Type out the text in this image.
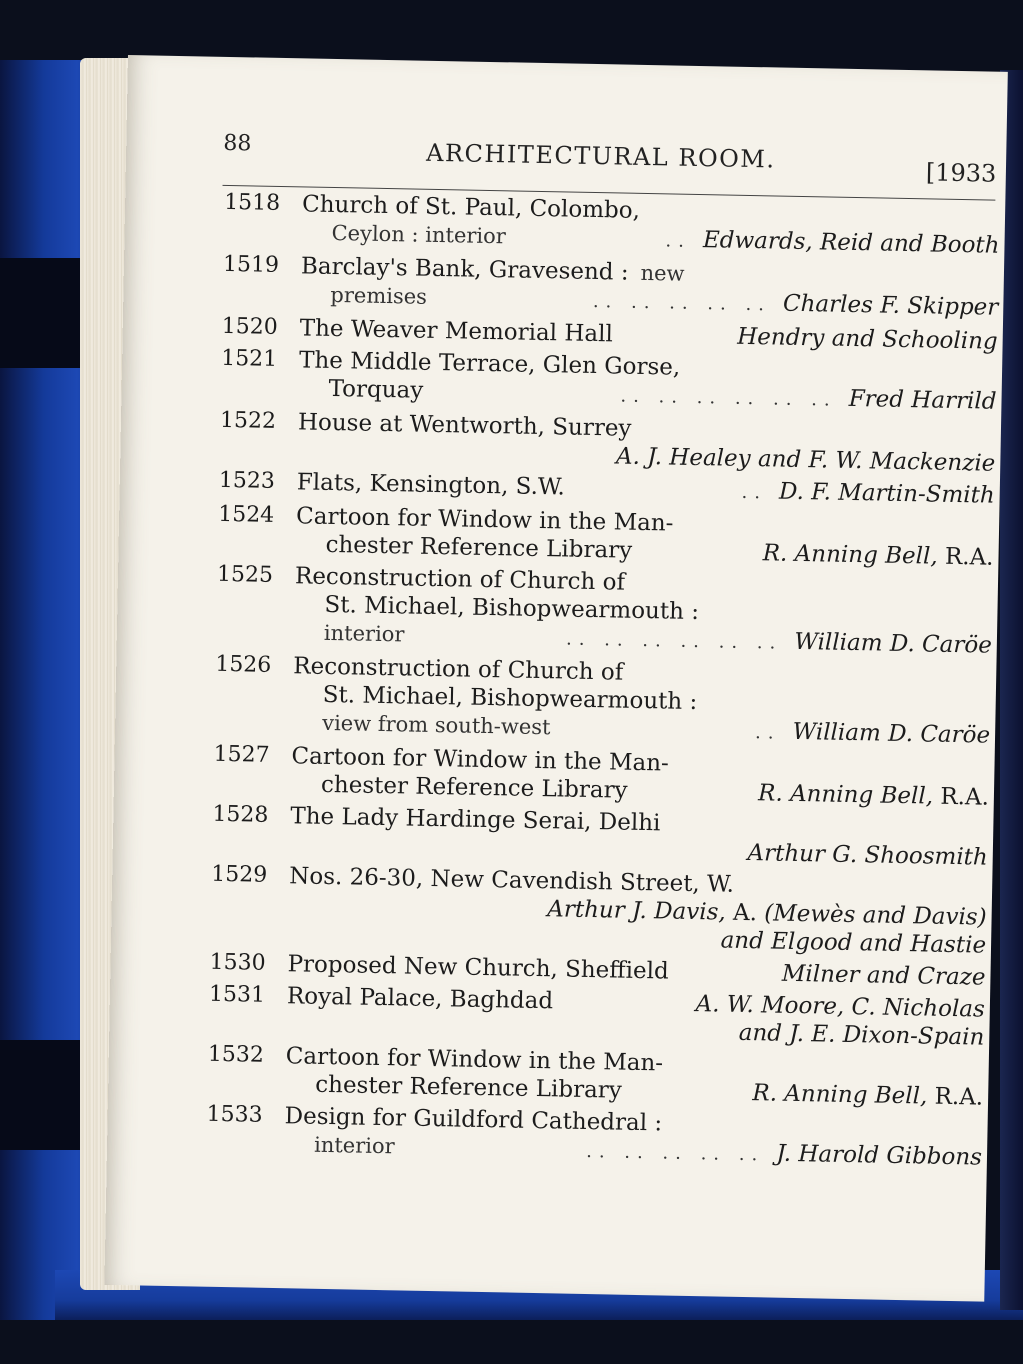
88	ARCHITECTURAL ROOM.	[1933
1518 Church of St. Paul, Colombo,
Ceylon : interior	.. Edwards, Reid and Booth
1519 Barclay's Bank, Gravesend : new
premises	.. .. .. .. .. Charles F. Skipper
1520 The Weaver Memorial Hall	Hendry and Schooling
1521 The Middle Terrace, Glen Gorse,
Torquay	.. .. .. .. .. .. Fred Harrild
1522 House at Wentworth, Surrey
A. J. Healey and F. W. Mackenzie
1523 Flats, Kensington, S.W.	.. D. F. Martin-Smith
1524 Cartoon for Window in the Man-
chester Reference Library	R. Anning Bell, R.A.
1525 Reconstruction of Church of
St. Michael, Bishopwearmouth :
interior	.. .. .. .. .. .. William D. Caröe
1526 Reconstruction of Church of
St. Michael, Bishopwearmouth :
view from south-west	.. William D. Caröe
1527 Cartoon for Window in the Man-
chester Reference Library	R. Anning Bell, R.A.
1528 The Lady Hardinge Serai, Delhi
Arthur G. Shoosmith
1529 Nos. 26-30, New Cavendish Street, W.
Arthur J. Davis, A. (Mewès and Davis)
and Elgood and Hastie
1530 Proposed New Church, Sheffield	Milner and Craze
1531 Royal Palace, Baghdad	A. W. Moore, C. Nicholas
and J. E. Dixon-Spain
1532 Cartoon for Window in the Man-
chester Reference Library	R. Anning Bell, R.A.
1533 Design for Guildford Cathedral :
interior	.. .. .. .. .. J. Harold Gibbons
